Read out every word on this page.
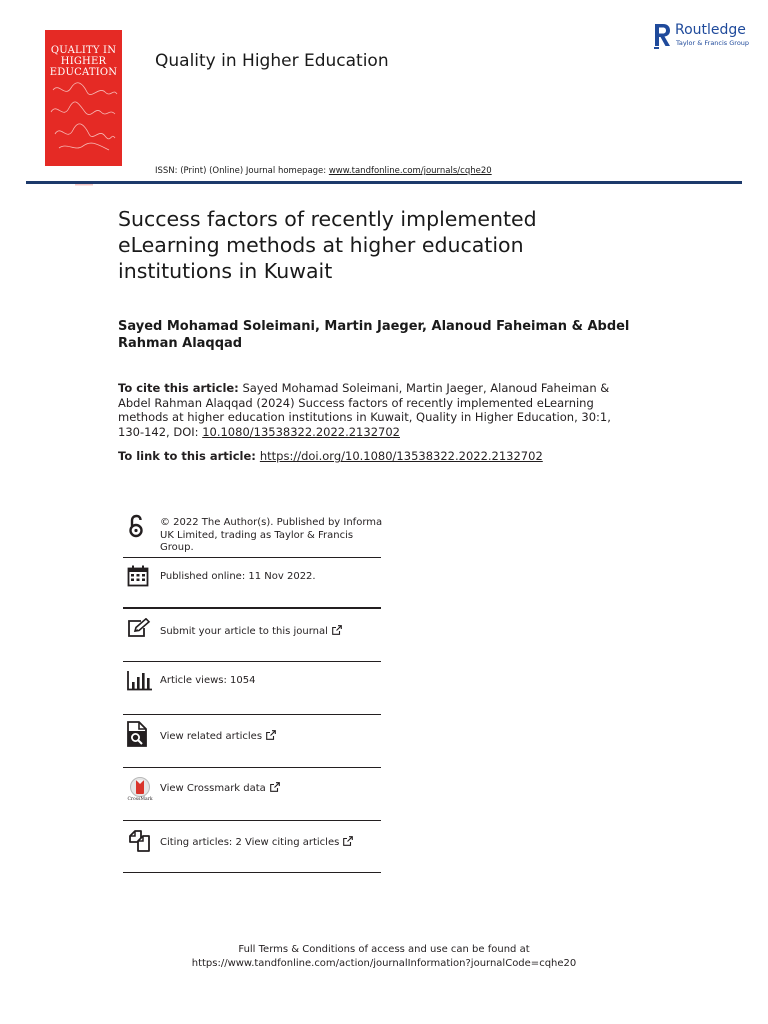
QUALITY IN
HIGHER
EDUCATION
Quality in Higher Education
Routledge
Taylor & Francis Group
ISSN: (Print) (Online) Journal homepage: www.tandfonline.com/journals/cqhe20
Success factors of recently implemented eLearning methods at higher education institutions in Kuwait
Sayed Mohamad Soleimani, Martin Jaeger, Alanoud Faheiman & Abdel Rahman Alaqqad
To cite this article: Sayed Mohamad Soleimani, Martin Jaeger, Alanoud Faheiman & Abdel Rahman Alaqqad (2024) Success factors of recently implemented eLearning methods at higher education institutions in Kuwait, Quality in Higher Education, 30:1, 130-142, DOI: 10.1080/13538322.2022.2132702
To link to this article: https://doi.org/10.1080/13538322.2022.2132702
© 2022 The Author(s). Published by Informa
UK Limited, trading as Taylor & Francis
Group.
Published online: 11 Nov 2022.
Submit your article to this journal
Article views: 1054
View related articles
CrossMark
View Crossmark data
Citing articles: 2 View citing articles
Full Terms & Conditions of access and use can be found at
https://www.tandfonline.com/action/journalInformation?journalCode=cqhe20
